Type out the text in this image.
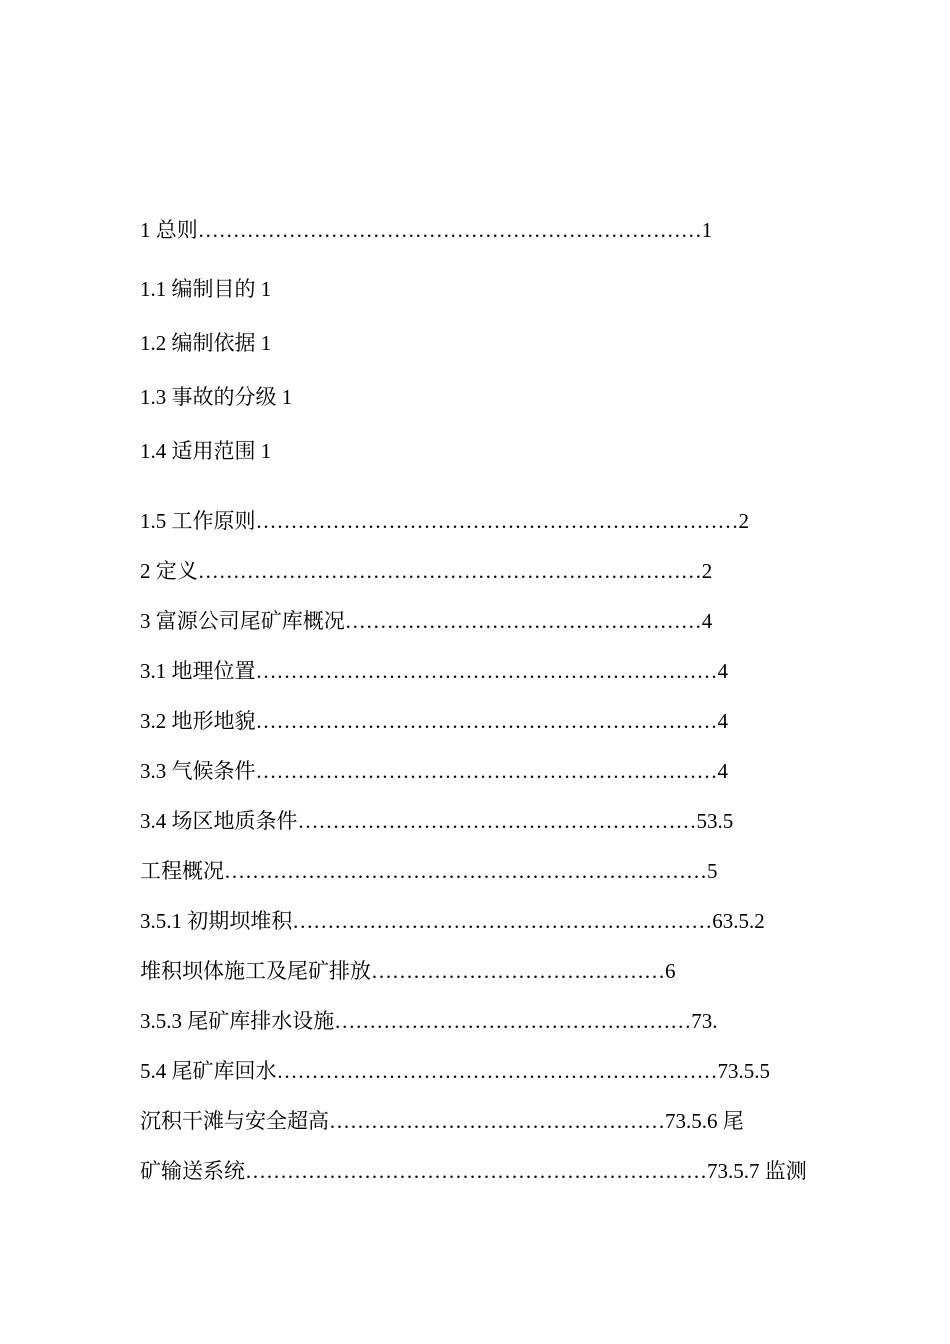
1 总则………………………………………………………………1
1.1 编制目的 1
1.2 编制依据 1
1.3 事故的分级 1
1.4 适用范围 1
1.5 工作原则……………………………………………………………2
2 定义………………………………………………………………2
3 富源公司尾矿库概况……………………………………………4
3.1 地理位置…………………………………………………………4
3.2 地形地貌…………………………………………………………4
3.3 气候条件…………………………………………………………4
3.4 场区地质条件…………………………………………………53.5
工程概况……………………………………………………………5
3.5.1 初期坝堆积……………………………………………………63.5.2
堆积坝体施工及尾矿排放……………………………………6
3.5.3 尾矿库排水设施……………………………………………73.
5.4 尾矿库回水………………………………………………………73.5.5
沉积干滩与安全超高…………………………………………73.5.6 尾
矿输送系统…………………………………………………………73.5.7 监测
